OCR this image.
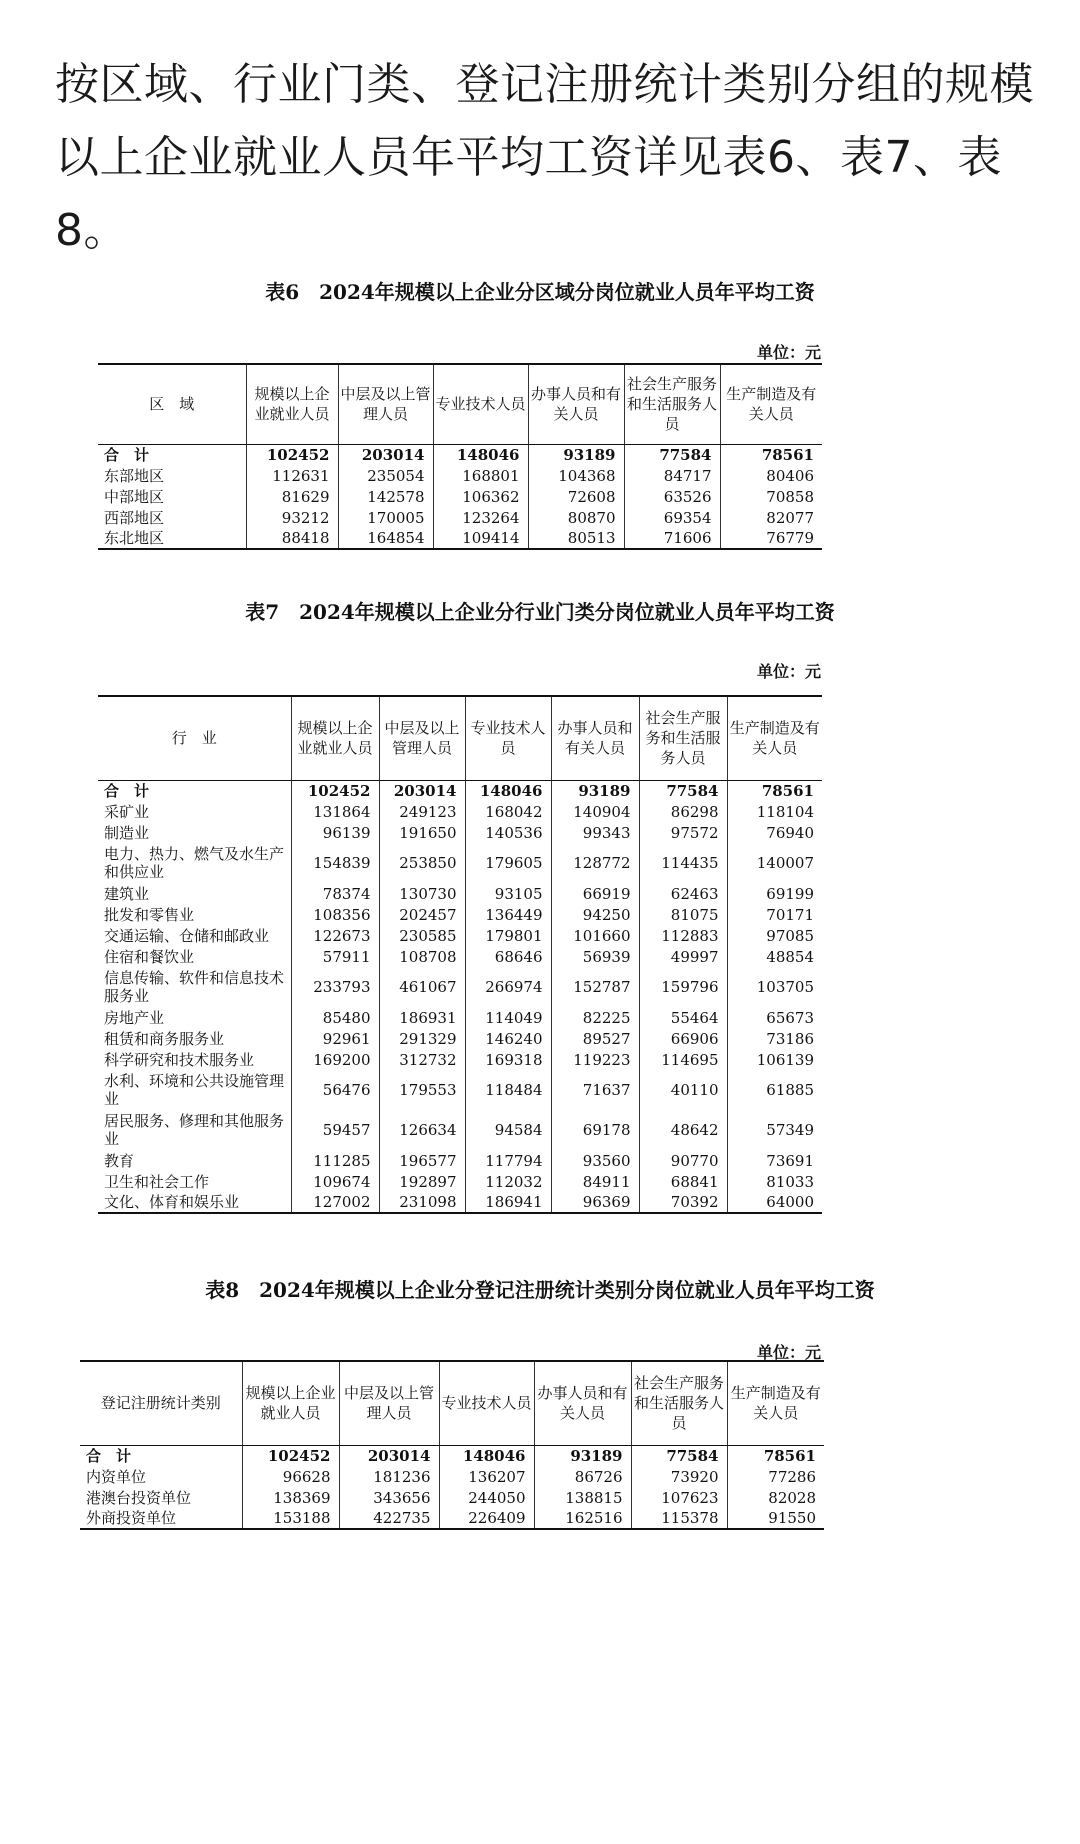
按区域、行业门类、登记注册统计类别分组的规模以上企业就业人员年平均工资详见表6、表7、表8。

表6　2024年规模以上企业分区域分岗位就业人员年平均工资
单位：元
区　域	规模以上企业就业人员	中层及以上管理人员	专业技术人员	办事人员和有关人员	社会生产服务和生活服务人员	生产制造及有关人员
合　计	102452	203014	148046	93189	77584	78561
东部地区	112631	235054	168801	104368	84717	80406
中部地区	81629	142578	106362	72608	63526	70858
西部地区	93212	170005	123264	80870	69354	82077
东北地区	88418	164854	109414	80513	71606	76779
表7　2024年规模以上企业分行业门类分岗位就业人员年平均工资
单位：元
行　业	规模以上企业就业人员	中层及以上管理人员	专业技术人员	办事人员和有关人员	社会生产服务和生活服务人员	生产制造及有关人员
合　计	102452	203014	148046	93189	77584	78561
采矿业	131864	249123	168042	140904	86298	118104
制造业	96139	191650	140536	99343	97572	76940
电力、热力、燃气及水生产和供应业	154839	253850	179605	128772	114435	140007
建筑业	78374	130730	93105	66919	62463	69199
批发和零售业	108356	202457	136449	94250	81075	70171
交通运输、仓储和邮政业	122673	230585	179801	101660	112883	97085
住宿和餐饮业	57911	108708	68646	56939	49997	48854
信息传输、软件和信息技术服务业	233793	461067	266974	152787	159796	103705
房地产业	85480	186931	114049	82225	55464	65673
租赁和商务服务业	92961	291329	146240	89527	66906	73186
科学研究和技术服务业	169200	312732	169318	119223	114695	106139
水利、环境和公共设施管理业	56476	179553	118484	71637	40110	61885
居民服务、修理和其他服务业	59457	126634	94584	69178	48642	57349
教育	111285	196577	117794	93560	90770	73691
卫生和社会工作	109674	192897	112032	84911	68841	81033
文化、体育和娱乐业	127002	231098	186941	96369	70392	64000
表8　2024年规模以上企业分登记注册统计类别分岗位就业人员年平均工资
单位：元
登记注册统计类别	规模以上企业就业人员	中层及以上管理人员	专业技术人员	办事人员和有关人员	社会生产服务和生活服务人员	生产制造及有关人员
合　计	102452	203014	148046	93189	77584	78561
内资单位	96628	181236	136207	86726	73920	77286
港澳台投资单位	138369	343656	244050	138815	107623	82028
外商投资单位	153188	422735	226409	162516	115378	91550
